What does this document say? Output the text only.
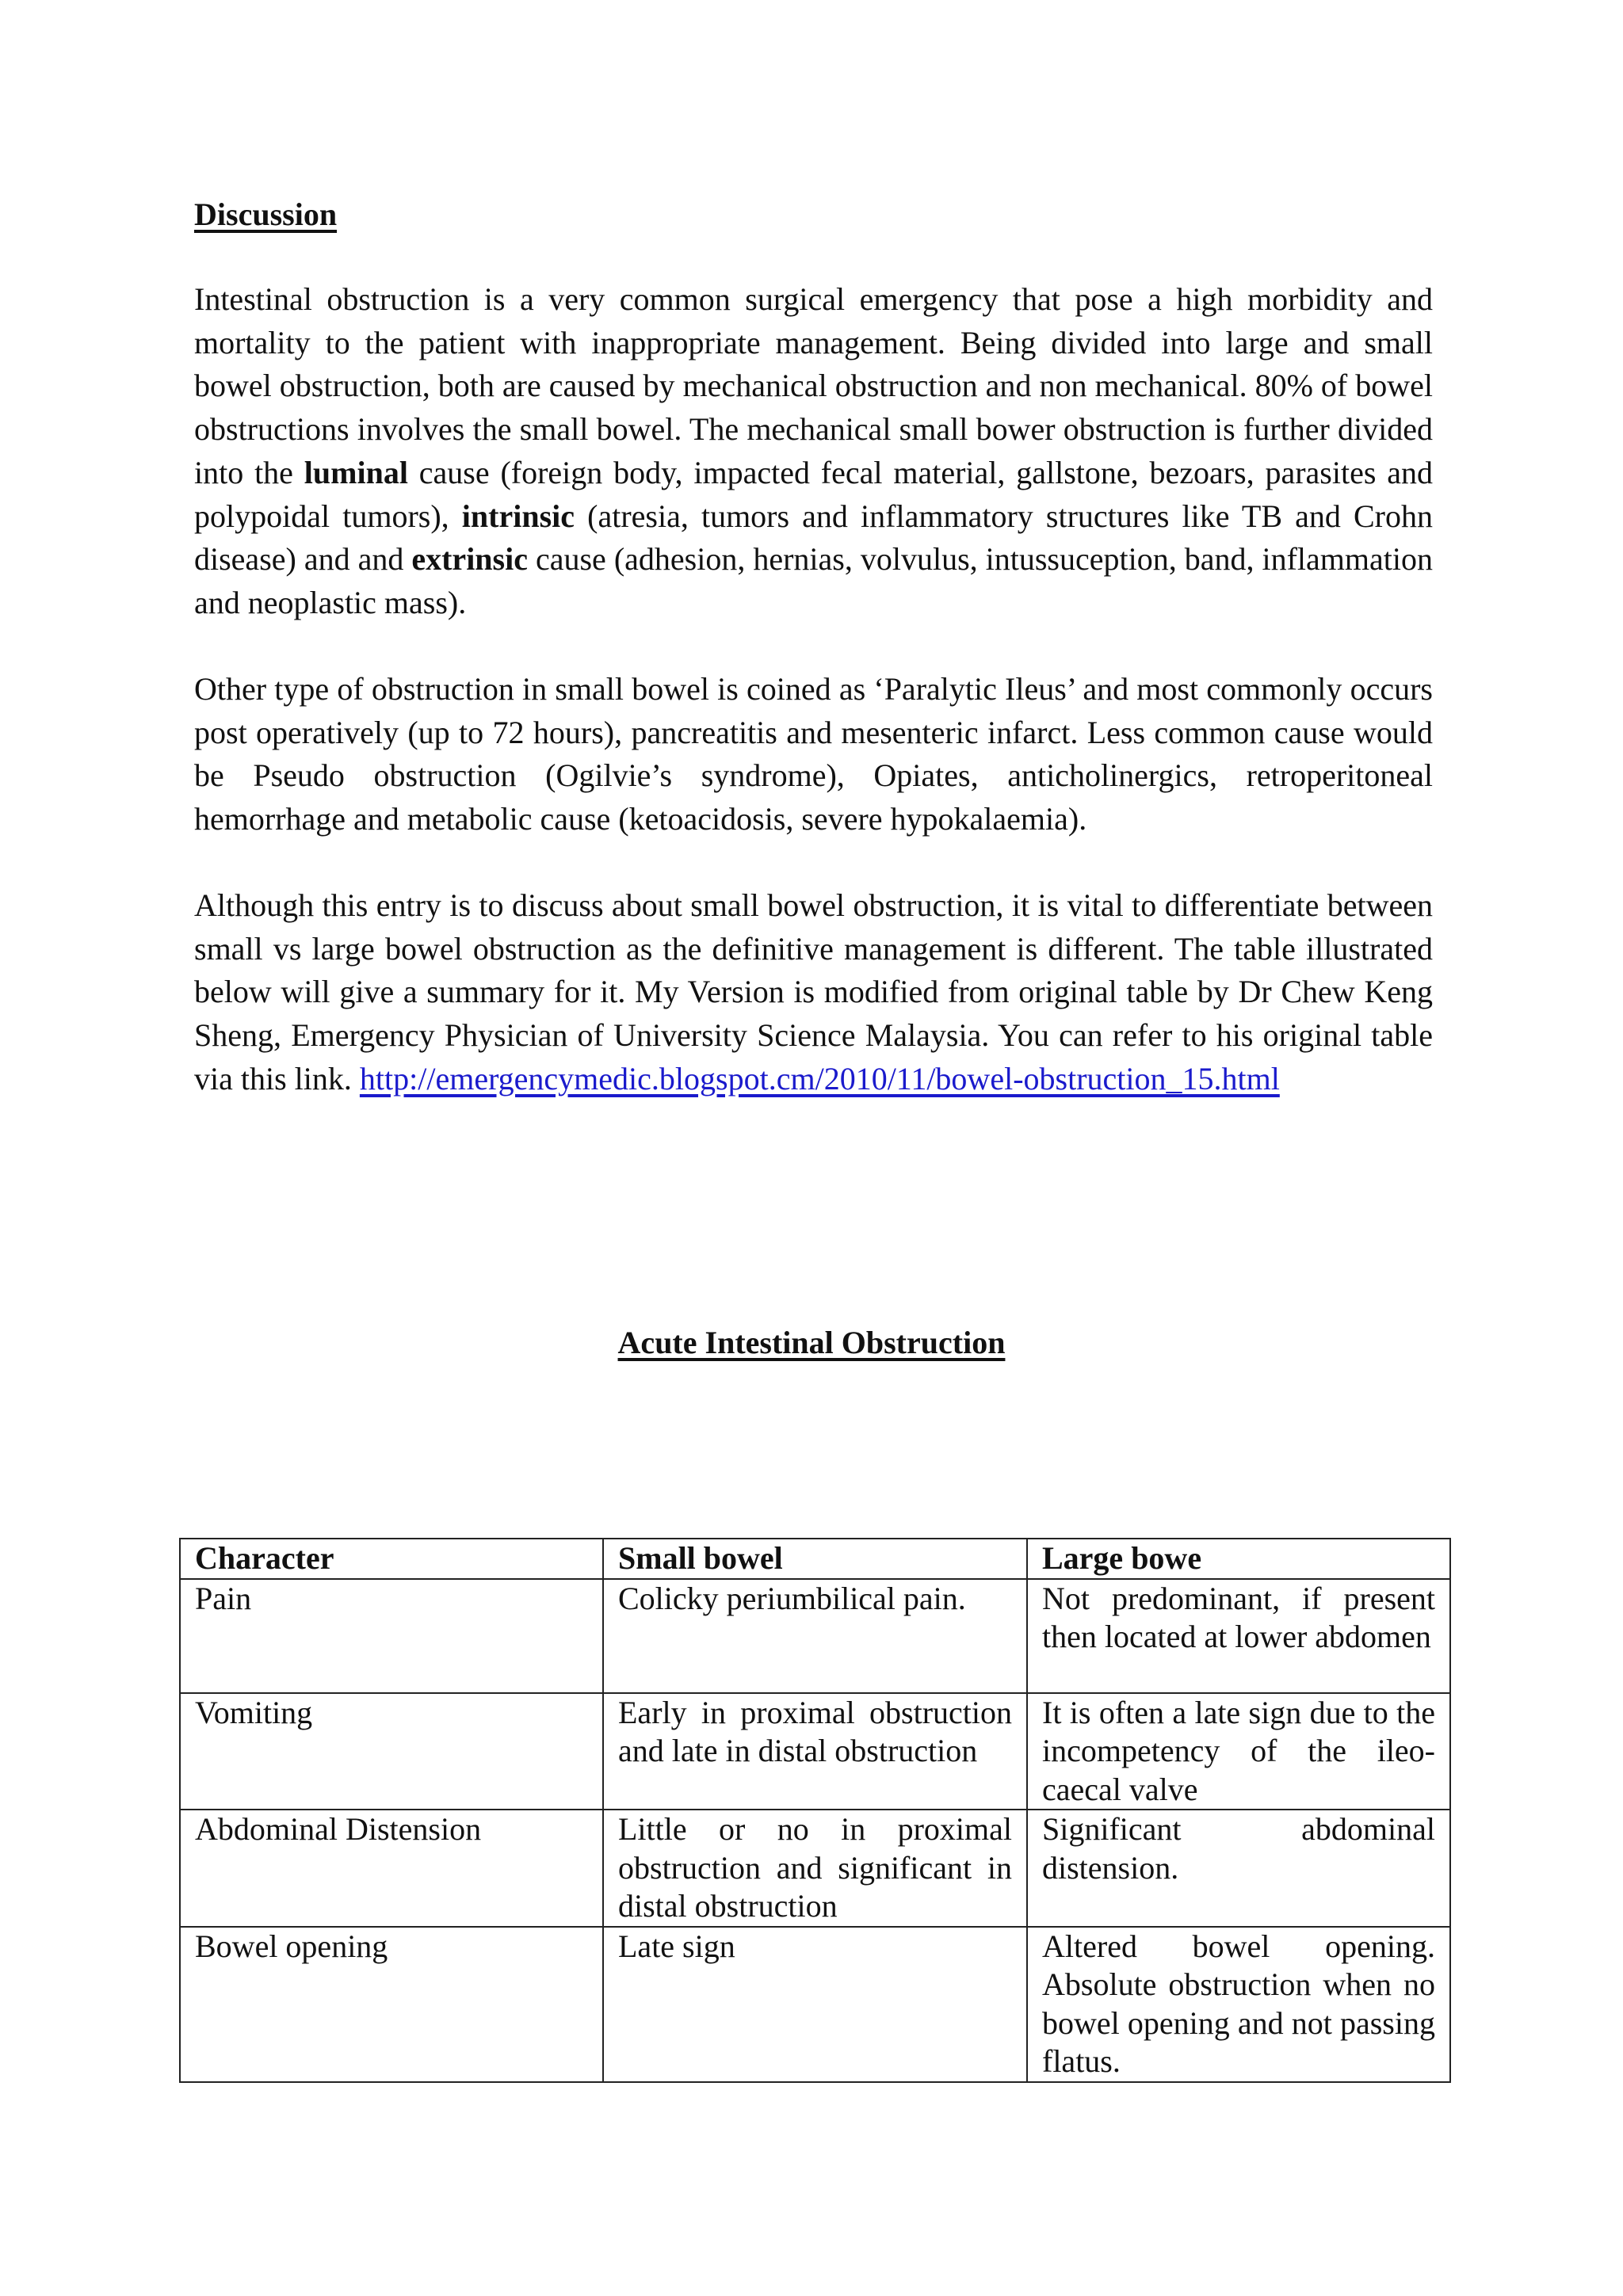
Discussion

Intestinal obstruction is a very common surgical emergency that pose a high morbidity and mortality to the patient with inappropriate management. Being divided into large and small bowel obstruction, both are caused by mechanical obstruction and non mechanical. 80% of bowel obstructions involves the small bowel. The mechanical small bower obstruction is further divided into the luminal cause (foreign body, impacted fecal material, gallstone, bezoars, parasites and polypoidal tumors), intrinsic (atresia, tumors and inflammatory structures like TB and Crohn disease) and and extrinsic cause (adhesion, hernias, volvulus, intussuception, band, inflammation and neoplastic mass).

Other type of obstruction in small bowel is coined as ‘Paralytic Ileus’ and most commonly occurs post operatively (up to 72 hours), pancreatitis and mesenteric infarct. Less common cause would be Pseudo obstruction (Ogilvie’s syndrome), Opiates, anticholinergics, retroperitoneal hemorrhage and metabolic cause (ketoacidosis, severe hypokalaemia).

Although this entry is to discuss about small bowel obstruction, it is vital to differentiate between small vs large bowel obstruction as the definitive management is different. The table illustrated below will give a summary for it. My Version is modified from original table by Dr Chew Keng Sheng, Emergency Physician of University Science Malaysia. You can refer to his original table via this link. http://emergencymedic.blogspot.cm/2010/11/bowel-obstruction_15.html

Acute Intestinal Obstruction
Character	Small bowel	Large bowe
Pain	Colicky periumbilical pain.	Not predominant, if present then located at lower abdomen
Vomiting	Early in proximal obstruction and late in distal obstruction	It is often a late sign due to the incompetency of the ileo-caecal valve
Abdominal Distension	Little or no in proximal obstruction and significant in distal obstruction	Significant abdominal distension.
Bowel opening	Late sign	Altered bowel opening. Absolute obstruction when no bowel opening and not passing flatus.
